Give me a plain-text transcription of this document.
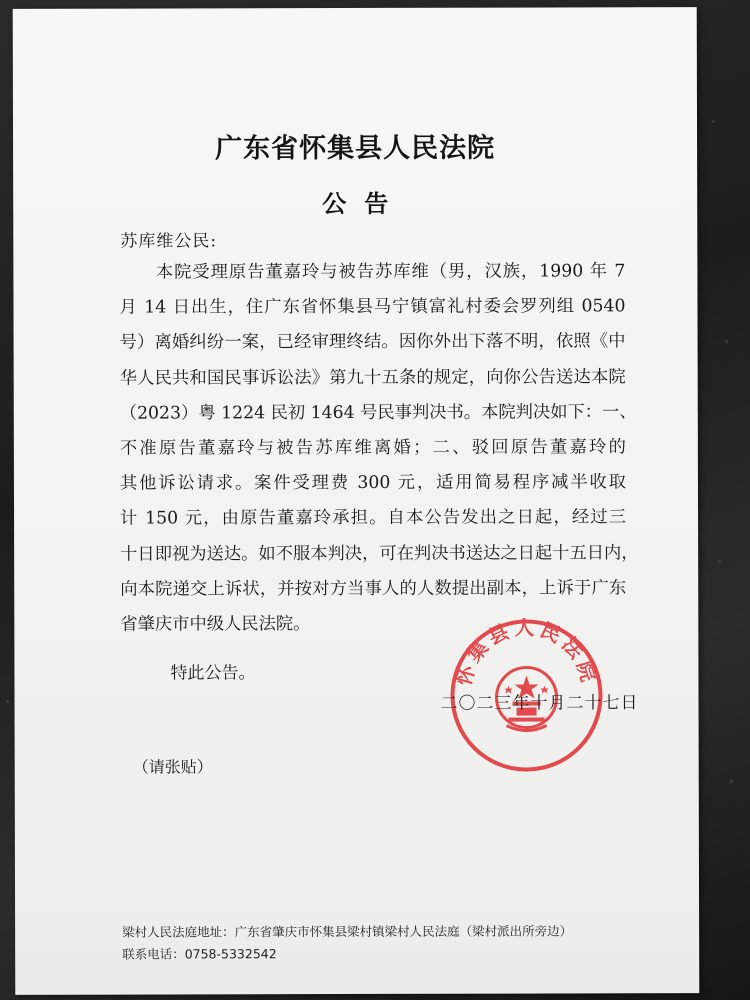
广东省怀集县人民法院
公告
苏库维公民:
　　本院受理原告董嘉玲与被告苏库维（男，汉族，1990 年 7
月 14 日出生，住广东省怀集县马宁镇富礼村委会罗列组 0540
号）离婚纠纷一案，已经审理终结。因你外出下落不明，依照《中
华人民共和国民事诉讼法》第九十五条的规定，向你公告送达本院
（2023）粤 1224 民初 1464 号民事判决书。本院判决如下：一、
不准原告董嘉玲与被告苏库维离婚；二、驳回原告董嘉玲的
其他诉讼请求。案件受理费 300 元，适用简易程序减半收取
计 150 元，由原告董嘉玲承担。自本公告发出之日起，经过三
十日即视为送达。如不服本判决，可在判决书送达之日起十五日内，
向本院递交上诉状，并按对方当事人的人数提出副本，上诉于广东
省肇庆市中级人民法院。
特此公告。	怀集县人民法院
二〇二三年十月二十七日
（请张贴）
梁村人民法庭地址：广东省肇庆市怀集县梁村镇梁村人民法庭（梁村派出所旁边）
联系电话：0758-5332542
